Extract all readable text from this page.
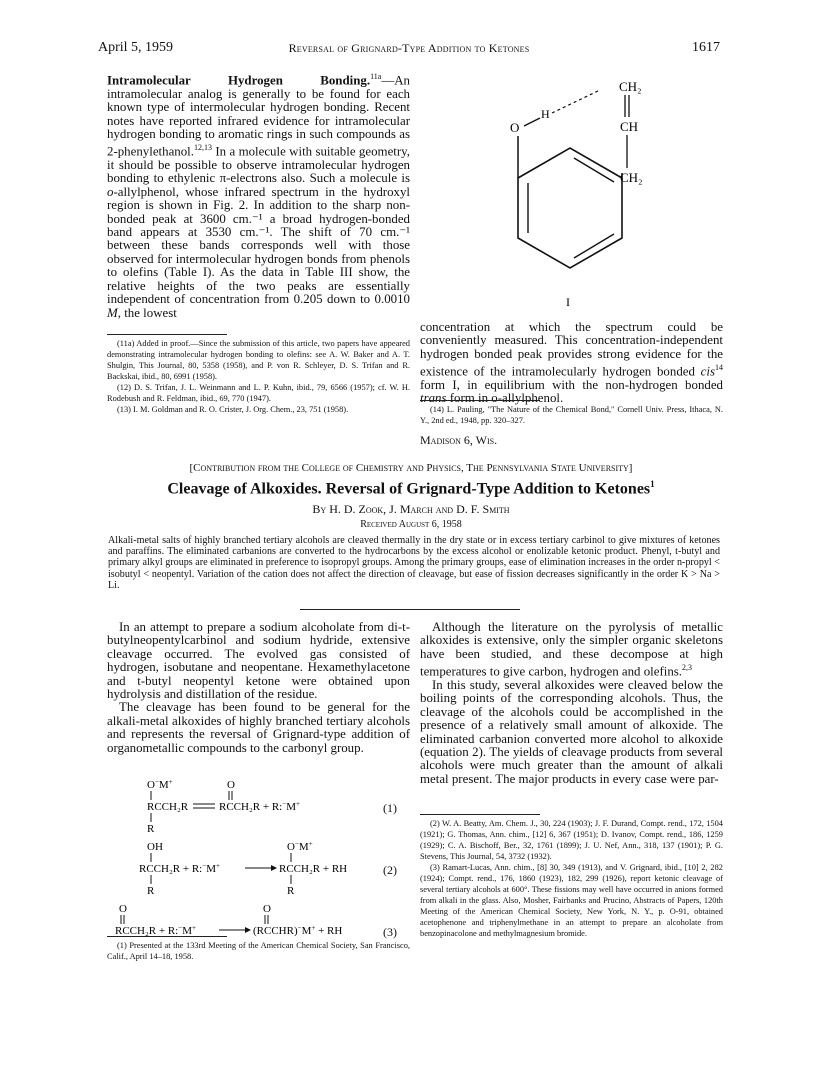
April 5, 1959	Reversal of Grignard-Type Addition to Ketones	1617

Intramolecular Hydrogen Bonding.$^{11a}$—An intramolecular analog is generally to be found for each known type of intermolecular hydrogen bonding. Recent notes have reported infrared evidence for intramolecular hydrogen bonding to aromatic rings in such compounds as 2-phenylethanol.$^{12,13}$ In a molecule with suitable geometry, it should be possible to observe intramolecular hydrogen bonding to ethylenic π-electrons also. Such a molecule is o-allylphenol, whose infrared spectrum in the hydroxyl region is shown in Fig. 2. In addition to the sharp non-bonded peak at 3600 cm.⁻¹ a broad hydrogen-bonded band appears at 3530 cm.⁻¹. The shift of 70 cm.⁻¹ between these bands corresponds well with those observed for intermolecular hydrogen bonds from phenols to olefins (Table I). As the data in Table III show, the relative heights of the two peaks are essentially independent of concentration from 0.205 down to 0.0010 M, the lowest

(11a) Added in proof.—Since the submission of this article, two papers have appeared demonstrating intramolecular hydrogen bonding to olefins: see A. W. Baker and A. T. Shulgin, This Journal, 80, 5358 (1958), and P. von R. Schleyer, D. S. Trifan and R. Backskai, ibid., 80, 6991 (1958).

(12) D. S. Trifan, J. L. Weinmann and L. P. Kuhn, ibid., 79, 6566 (1957); cf. W. H. Rodebush and R. Feldman, ibid., 69, 770 (1947).

(13) I. M. Goldman and R. O. Crister, J. Org. Chem., 23, 751 (1958).

O
H
CH₂
CH
CH₂
I

concentration at which the spectrum could be conveniently measured. This concentration-independent hydrogen bonded peak provides strong evidence for the existence of the intramolecularly hydrogen bonded cis$^{14}$ form I, in equilibrium with the non-hydrogen bonded trans form in o-allylphenol.

(14) L. Pauling, "The Nature of the Chemical Bond," Cornell Univ. Press, Ithaca, N. Y., 2nd ed., 1948, pp. 320–327.

Madison 6, Wis.
[Contribution from the College of Chemistry and Physics, The Pennsylvania State University]
Cleavage of Alkoxides. Reversal of Grignard-Type Addition to Ketones$^1$
By H. D. Zook, J. March and D. F. Smith
Received August 6, 1958
Alkali-metal salts of highly branched tertiary alcohols are cleaved thermally in the dry state or in excess tertiary carbinol to give mixtures of ketones and paraffins. The eliminated carbanions are converted to the hydrocarbons by the excess alcohol or enolizable ketonic product. Phenyl, t-butyl and primary alkyl groups are eliminated in preference to isopropyl groups. Among the primary groups, ease of elimination increases in the order n-propyl < isobutyl < neopentyl. Variation of the cation does not affect the direction of cleavage, but ease of fission decreases significantly in the order K > Na > Li.

In an attempt to prepare a sodium alcoholate from di-t-butylneopentylcarbinol and sodium hydride, extensive cleavage occurred. The evolved gas consisted of hydrogen, isobutane and neopentane. Hexamethylacetone and t-butyl neopentyl ketone were obtained upon hydrolysis and distillation of the residue.

The cleavage has been found to be general for the alkali-metal alkoxides of highly branched tertiary alcohols and represents the reversal of Grignard-type addition of organometallic compounds to the carbonyl group.

O−M+	O
RCCH₂R	RCCH₂R + R:−M+
R
OH	O−M+
RCCH₂R + R:−M+	RCCH₂R + RH
R	R
O	O
RCCH₂R + R:−M+	(RCCHR)−M+ + RH
(1)
(2)
(3)

(1) Presented at the 133rd Meeting of the American Chemical Society, San Francisco, Calif., April 14–18, 1958.

Although the literature on the pyrolysis of metallic alkoxides is extensive, only the simpler organic skeletons have been studied, and these decompose at high temperatures to give carbon, hydrogen and olefins.$^{2,3}$

In this study, several alkoxides were cleaved below the boiling points of the corresponding alcohols. Thus, the cleavage of the alcohols could be accomplished in the presence of a relatively small amount of alkoxide. The eliminated carbanion converted more alcohol to alkoxide (equation 2). The yields of cleavage products from several alcohols were much greater than the amount of alkali metal present. The major products in every case were par-

(2) W. A. Beatty, Am. Chem. J., 30, 224 (1903); J. F. Durand, Compt. rend., 172, 1504 (1921); G. Thomas, Ann. chim., [12] 6, 367 (1951); D. Ivanov, Compt. rend., 186, 1259 (1929); C. A. Bischoff, Ber., 32, 1761 (1899); J. U. Nef, Ann., 318, 137 (1901); P. G. Stevens, This Journal, 54, 3732 (1932).

(3) Ramart-Lucas, Ann. chim., [8] 30, 349 (1913), and V. Grignard, ibid., [10] 2, 282 (1924); Compt. rend., 176, 1860 (1923), 182, 299 (1926), report ketonic cleavage of several tertiary alcohols at 600°. These fissions may well have occurred in anions formed from alkali in the glass. Also, Mosher, Fairbanks and Prucino, Abstracts of Papers, 120th Meeting of the American Chemical Society, New York, N. Y., p. O-91, obtained acetophenone and triphenylmethane in an attempt to prepare an alcoholate from benzopinacolone and methylmagnesium bromide.
